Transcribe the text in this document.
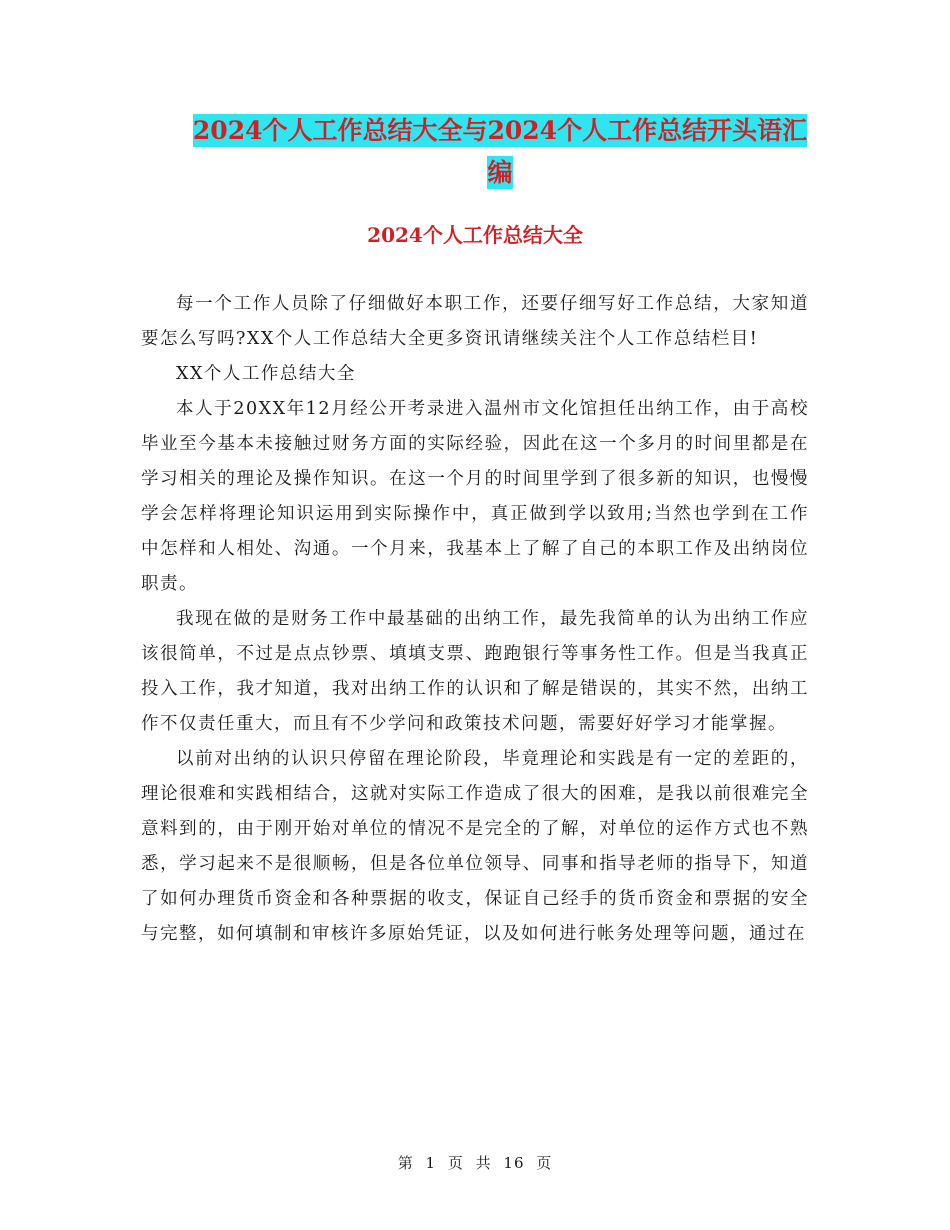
2024个人工作总结大全与2024个人工作总结开头语汇
编
2024个人工作总结大全

每一个工作人员除了仔细做好本职工作，还要仔细写好工作总结，大家知道要怎么写吗?XX个人工作总结大全更多资讯请继续关注个人工作总结栏目!

XX个人工作总结大全

本人于20XX年12月经公开考录进入温州市文化馆担任出纳工作，由于高校毕业至今基本未接触过财务方面的实际经验，因此在这一个多月的时间里都是在学习相关的理论及操作知识。在这一个月的时间里学到了很多新的知识，也慢慢学会怎样将理论知识运用到实际操作中，真正做到学以致用;当然也学到在工作中怎样和人相处、沟通。一个月来，我基本上了解了自己的本职工作及出纳岗位职责。

我现在做的是财务工作中最基础的出纳工作，最先我简单的认为出纳工作应该很简单，不过是点点钞票、填填支票、跑跑银行等事务性工作。但是当我真正投入工作，我才知道，我对出纳工作的认识和了解是错误的，其实不然，出纳工作不仅责任重大，而且有不少学问和政策技术问题，需要好好学习才能掌握。

以前对出纳的认识只停留在理论阶段，毕竟理论和实践是有一定的差距的，理论很难和实践相结合，这就对实际工作造成了很大的困难，是我以前很难完全意料到的，由于刚开始对单位的情况不是完全的了解，对单位的运作方式也不熟悉，学习起来不是很顺畅，但是各位单位领导、同事和指导老师的指导下，知道了如何办理货币资金和各种票据的收支，保证自己经手的货币资金和票据的安全与完整，如何填制和审核许多原始凭证，以及如何进行帐务处理等问题，通过在

第 1 页 共 16 页
